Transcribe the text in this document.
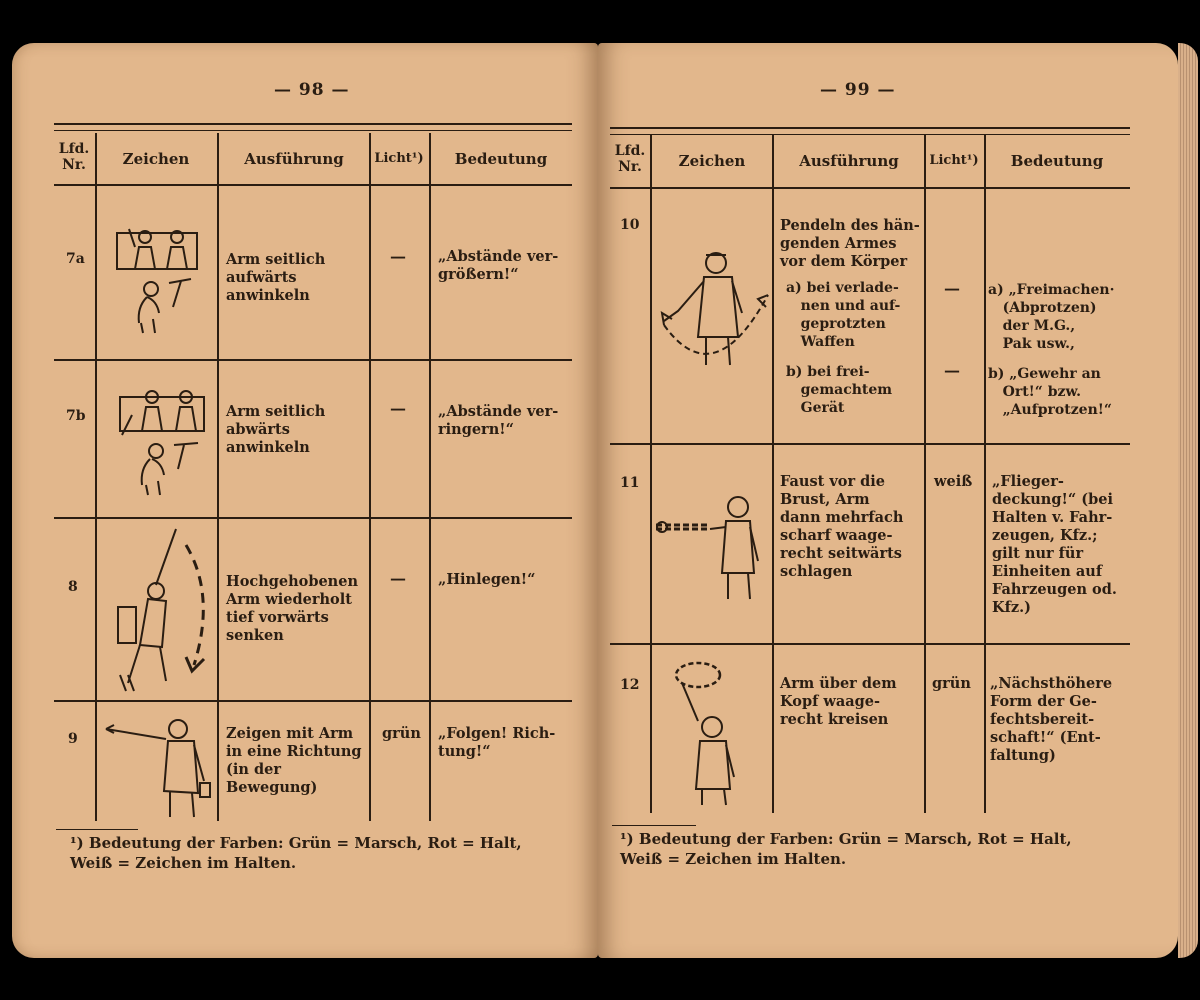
— 98 —
Lfd.
Nr.	Zeichen	Ausführung	Licht¹)	Bedeutung
7a	Arm seitlich
aufwärts
anwinkeln
— „Abstände ver-
größern!“
7b	Arm seitlich
abwärts
anwinkeln
— „Abstände ver-
ringern!“
8	Hochgehobenen
Arm wiederholt
tief vorwärts
senken
— „Hinlegen!“
9	Zeigen mit Arm
in eine Richtung
(in der
Bewegung)
grün „Folgen! Rich-
tung!“
¹) Bedeutung der Farben: Grün = Marsch, Rot = Halt,
Weiß = Zeichen im Halten.
— 99 —
Lfd.
Nr.	Zeichen	Ausführung	Licht¹)	Bedeutung
10	Pendeln des hän-
genden Armes
vor dem Körper
a) bei verlade-
nen und auf-
geprotzten
Waffen
— a) „Freimachen·
(Abprotzen)
der M.G.,
Pak usw.,
b) bei frei-
gemachtem
Gerät
— b) „Gewehr an
Ort!“ bzw.
„Aufprotzen!“
11	Faust vor die
Brust, Arm
dann mehrfach
scharf waage-
recht seitwärts
schlagen
weiß „Flieger-
deckung!“ (bei
Halten v. Fahr-
zeugen, Kfz.;
gilt nur für
Einheiten auf
Fahrzeugen od.
Kfz.)
12	Arm über dem
Kopf waage-
recht kreisen
grün „Nächsthöhere
Form der Ge-
fechtsbereit-
schaft!“ (Ent-
faltung)
¹) Bedeutung der Farben: Grün = Marsch, Rot = Halt,
Weiß = Zeichen im Halten.
